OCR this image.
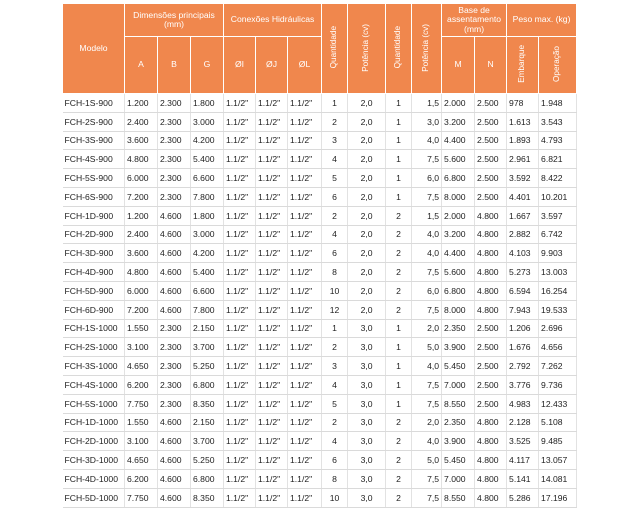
Modelo	Dimensões principais (mm)			Conexões Hidráulicas			Quantidade	Potência (cv)	Quantidade	Potência (cv)	Base de assentamento (mm)		Peso max. (kg)	
	A	B	G	ØI	ØJ	ØL					M	N	Embarque	Operação
FCH-1S-900	1.200	2.300	1.800	1.1/2"	1.1/2"	1.1/2"	1	2,0	1	1,5	2.000	2.500	978	1.948
FCH-2S-900	2.400	2.300	3.000	1.1/2"	1.1/2"	1.1/2"	2	2,0	1	3,0	3.200	2.500	1.613	3.543
FCH-3S-900	3.600	2.300	4.200	1.1/2"	1.1/2"	1.1/2"	3	2,0	1	4,0	4.400	2.500	1.893	4.793
FCH-4S-900	4.800	2.300	5.400	1.1/2"	1.1/2"	1.1/2"	4	2,0	1	7,5	5.600	2.500	2.961	6.821
FCH-5S-900	6.000	2.300	6.600	1.1/2"	1.1/2"	1.1/2"	5	2,0	1	6,0	6.800	2.500	3.592	8.422
FCH-6S-900	7.200	2.300	7.800	1.1/2"	1.1/2"	1.1/2"	6	2,0	1	7,5	8.000	2.500	4.401	10.201
FCH-1D-900	1.200	4.600	1.800	1.1/2"	1.1/2"	1.1/2"	2	2,0	2	1,5	2.000	4.800	1.667	3.597
FCH-2D-900	2.400	4.600	3.000	1.1/2"	1.1/2"	1.1/2"	4	2,0	2	4,0	3.200	4.800	2.882	6.742
FCH-3D-900	3.600	4.600	4.200	1.1/2"	1.1/2"	1.1/2"	6	2,0	2	4,0	4.400	4.800	4.103	9.903
FCH-4D-900	4.800	4.600	5.400	1.1/2"	1.1/2"	1.1/2"	8	2,0	2	7,5	5.600	4.800	5.273	13.003
FCH-5D-900	6.000	4.600	6.600	1.1/2"	1.1/2"	1.1/2"	10	2,0	2	6,0	6.800	4.800	6.594	16.254
FCH-6D-900	7.200	4.600	7.800	1.1/2"	1.1/2"	1.1/2"	12	2,0	2	7,5	8.000	4.800	7.943	19.533
FCH-1S-1000	1.550	2.300	2.150	1.1/2"	1.1/2"	1.1/2"	1	3,0	1	2,0	2.350	2.500	1.206	2.696
FCH-2S-1000	3.100	2.300	3.700	1.1/2"	1.1/2"	1.1/2"	2	3,0	1	5,0	3.900	2.500	1.676	4.656
FCH-3S-1000	4.650	2.300	5.250	1.1/2"	1.1/2"	1.1/2"	3	3,0	1	4,0	5.450	2.500	2.792	7.262
FCH-4S-1000	6.200	2.300	6.800	1.1/2"	1.1/2"	1.1/2"	4	3,0	1	7,5	7.000	2.500	3.776	9.736
FCH-5S-1000	7.750	2.300	8.350	1.1/2"	1.1/2"	1.1/2"	5	3,0	1	7,5	8.550	2.500	4.983	12.433
FCH-1D-1000	1.550	4.600	2.150	1.1/2"	1.1/2"	1.1/2"	2	3,0	2	2,0	2.350	4.800	2.128	5.108
FCH-2D-1000	3.100	4.600	3.700	1.1/2"	1.1/2"	1.1/2"	4	3,0	2	4,0	3.900	4.800	3.525	9.485
FCH-3D-1000	4.650	4.600	5.250	1.1/2"	1.1/2"	1.1/2"	6	3,0	2	5,0	5.450	4.800	4.117	13.057
FCH-4D-1000	6.200	4.600	6.800	1.1/2"	1.1/2"	1.1/2"	8	3,0	2	7,5	7.000	4.800	5.141	14.081
FCH-5D-1000	7.750	4.600	8.350	1.1/2"	1.1/2"	1.1/2"	10	3,0	2	7,5	8.550	4.800	5.286	17.196
